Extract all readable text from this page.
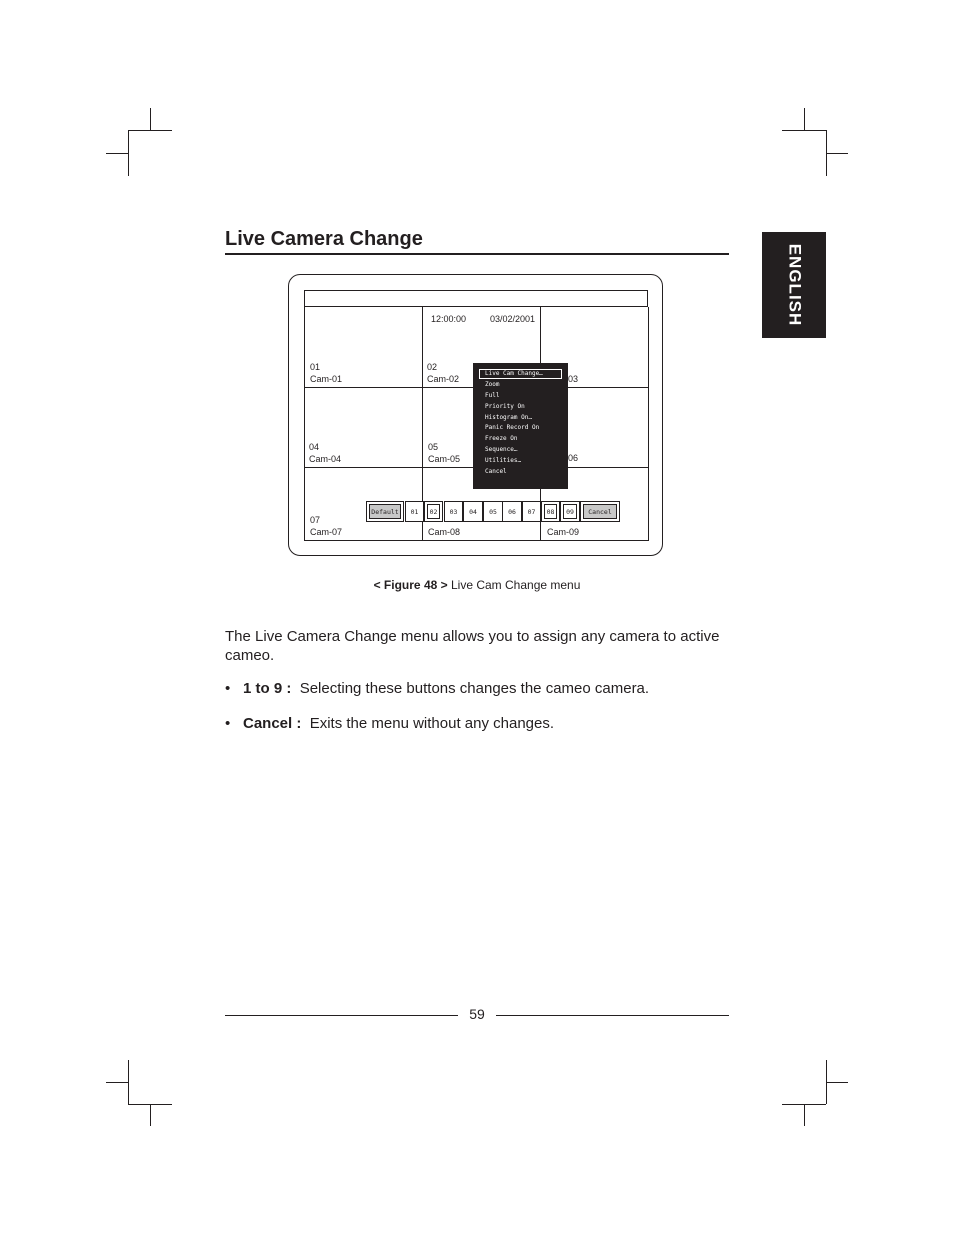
ENGLISH
Live Camera Change
12:00:00	03/02/2001
01
Cam-01
02
Cam-02	03
04
Cam-04
05
Cam-05	06
07
Cam-07	Cam-08	Cam-09
Live Cam Change…
Zoom
Full
Priority On
Histogram On…
Panic Record On
Freeze On
Sequence…
Utilities…
Cancel
Default	01	02	03	04	05	06	07	08	09	Cancel
< Figure 48 > Live Cam Change menu
The Live Camera Change menu allows you to assign any camera to active cameo.
• 1 to 9 : Selecting these buttons changes the cameo camera.
• Cancel : Exits the menu without any changes.
59
